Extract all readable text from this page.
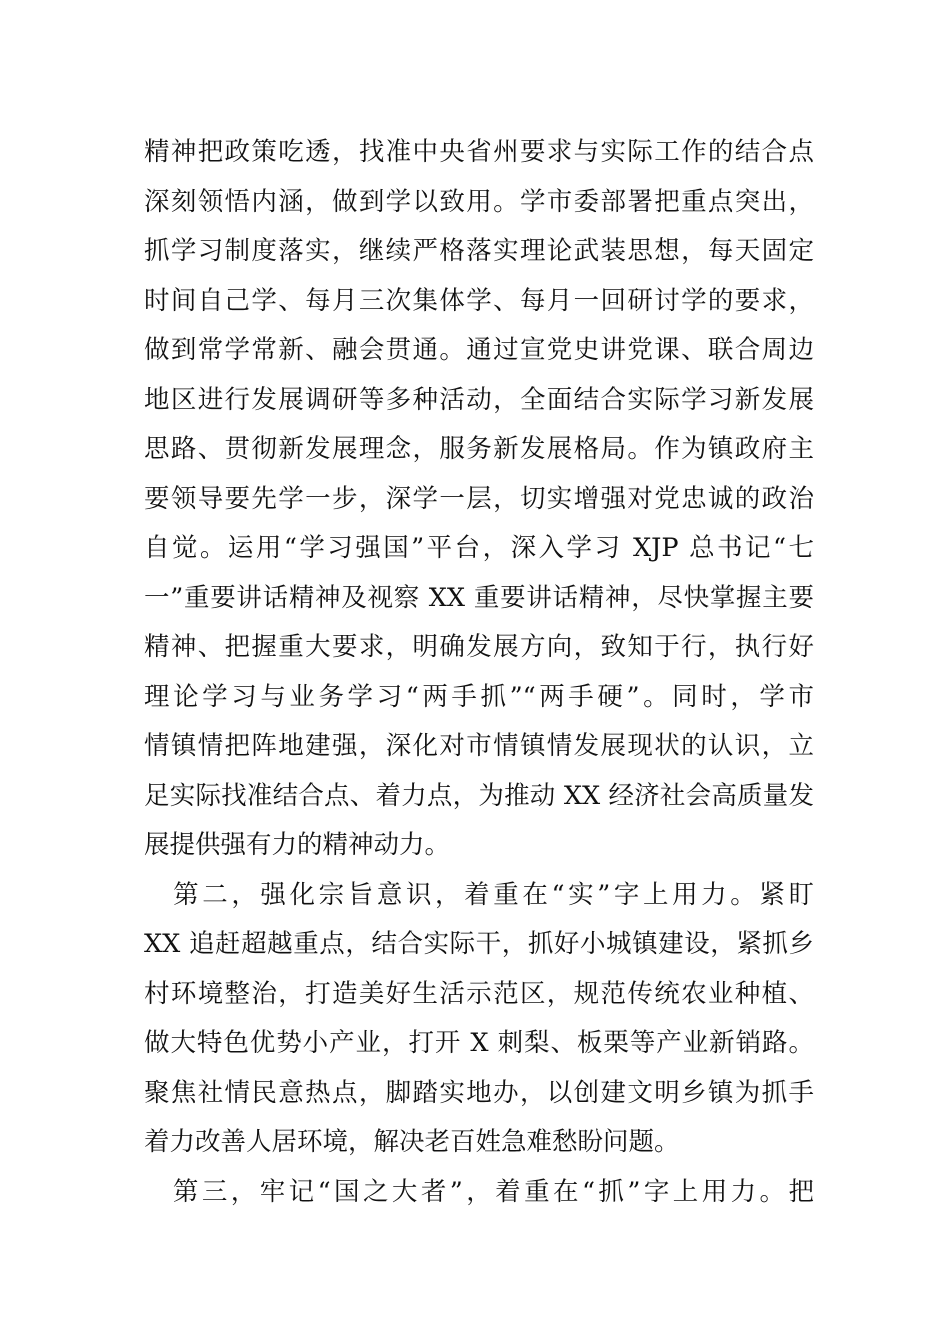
精神把政策吃透，找准中央省州要求与实际工作的结合点
深刻领悟内涵，做到学以致用。学市委部署把重点突出，
抓学习制度落实，继续严格落实理论武装思想，每天固定
时间自己学、每月三次集体学、每月一回研讨学的要求，
做到常学常新、融会贯通。通过宣党史讲党课、联合周边
地区进行发展调研等多种活动，全面结合实际学习新发展
思路、贯彻新发展理念，服务新发展格局。作为镇政府主
要领导要先学一步，深学一层，切实增强对党忠诚的政治
自觉。运用“学习强国”平台，深入学习 XJP 总书记“七
一”重要讲话精神及视察 XX 重要讲话精神，尽快掌握主要
精神、把握重大要求，明确发展方向，致知于行，执行好
理论学习与业务学习“两手抓”“两手硬”。同时，学市
情镇情把阵地建强，深化对市情镇情发展现状的认识，立
足实际找准结合点、着力点，为推动 XX 经济社会高质量发
展提供强有力的精神动力。
　第二，强化宗旨意识，着重在“实”字上用力。紧盯
XX 追赶超越重点，结合实际干，抓好小城镇建设，紧抓乡
村环境整治，打造美好生活示范区，规范传统农业种植、
做大特色优势小产业，打开 X 刺梨、板栗等产业新销路。
聚焦社情民意热点，脚踏实地办，以创建文明乡镇为抓手
着力改善人居环境，解决老百姓急难愁盼问题。
　第三，牢记“国之大者”，着重在“抓”字上用力。把
